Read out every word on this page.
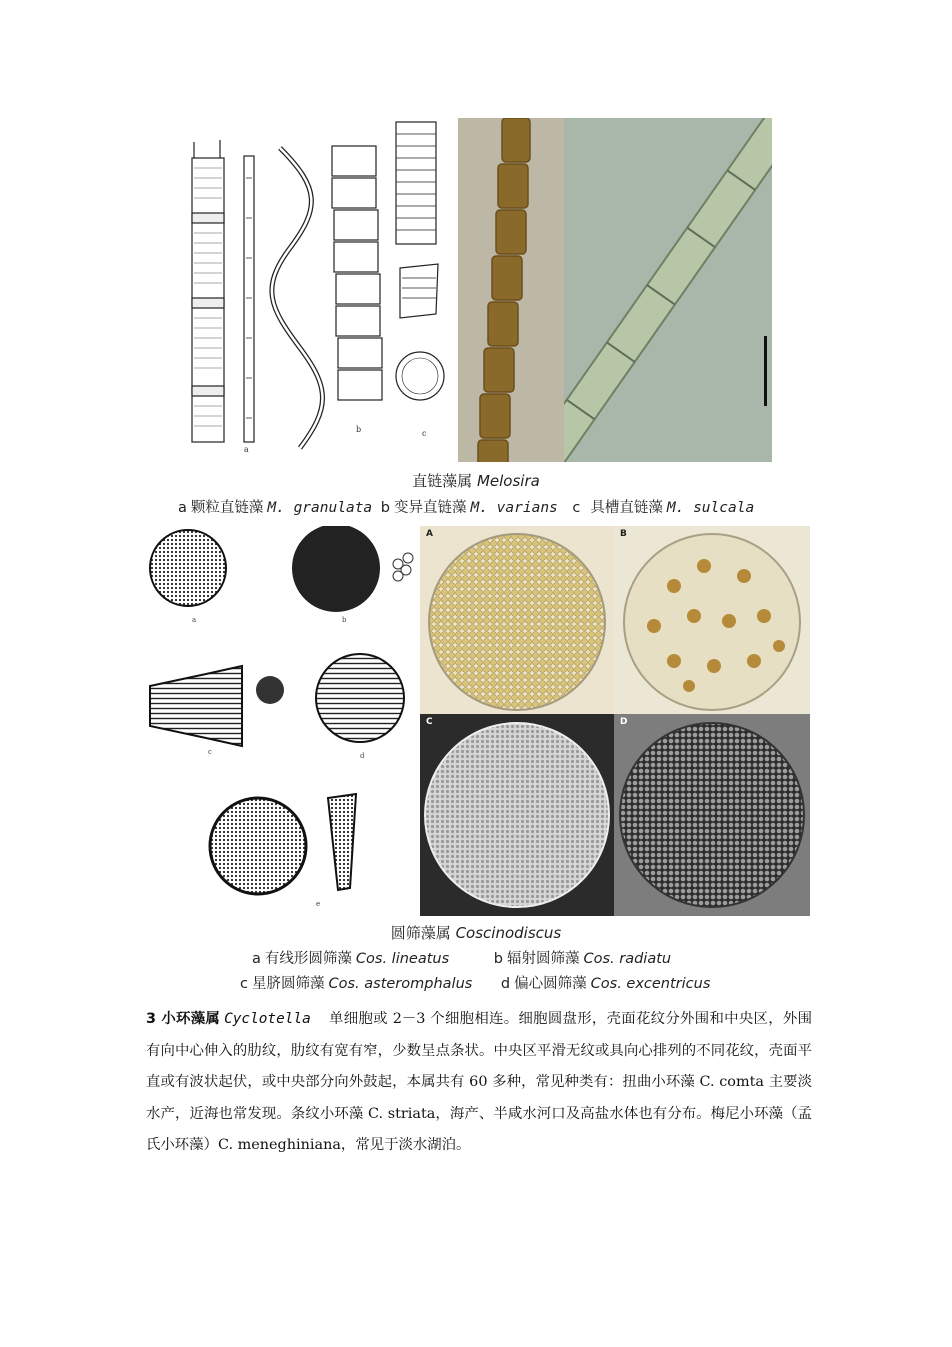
a
b	c
直链藻属 Melosira
a 颗粒直链藻 M. granulata b 变异直链藻 M. varians c 具槽直链藻 M. sulcala
a	b
c	d
e
A	B
C	D
圆筛藻属 Coscinodiscus
a 有线形圆筛藻 Cos. lineatus	b 辐射圆筛藻 Cos. radiatu
c 星脐圆筛藻 Cos. asteromphalus d 偏心圆筛藻 Cos. excentricus
3 小环藻属 Cyclotella 单细胞或 2－3 个细胞相连。细胞圆盘形，壳面花纹分外围和中央区，外围有向中心伸入的肋纹，肋纹有宽有窄，少数呈点条状。中央区平滑无纹或具向心排列的不同花纹，壳面平直或有波状起伏，或中央部分向外鼓起，本属共有 60 多种，常见种类有：扭曲小环藻 C. comta 主要淡水产，近海也常发现。条纹小环藻 C. striata，海产、半咸水河口及高盐水体也有分布。梅尼小环藻（孟氏小环藻）C. meneghiniana，常见于淡水湖泊。
